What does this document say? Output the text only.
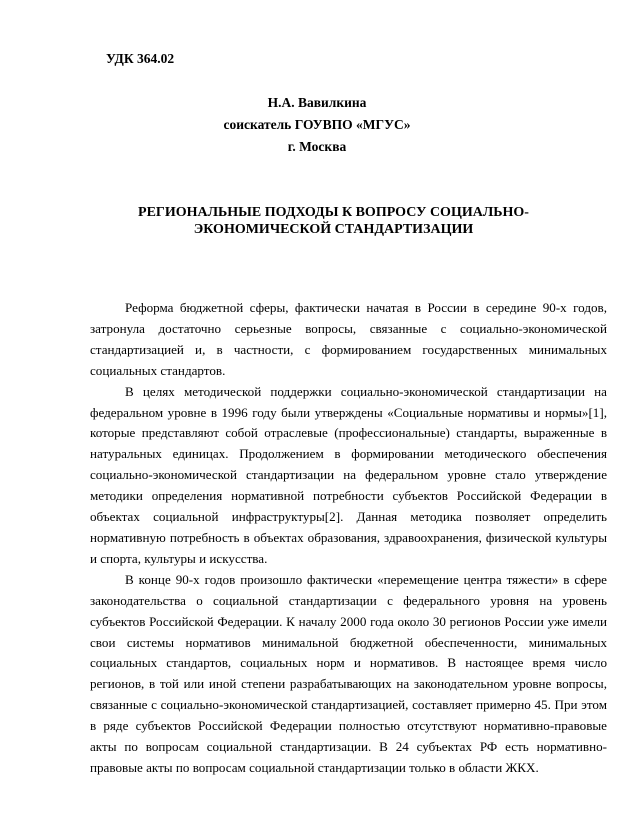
УДК 364.02
Н.А. Вавилкина
соискатель ГОУВПО «МГУС»
г. Москва
РЕГИОНАЛЬНЫЕ ПОДХОДЫ К ВОПРОСУ СОЦИАЛЬНО-ЭКОНОМИЧЕСКОЙ СТАНДАРТИЗАЦИИ

Реформа бюджетной сферы, фактически начатая в России в середине 90-х годов, затронула достаточно серьезные вопросы, связанные с социально-экономической стандартизацией и, в частности, с формированием государственных минимальных социальных стандартов.

В целях методической поддержки социально-экономической стандартизации на федеральном уровне в 1996 году были утверждены «Социальные нормативы и нормы»[1], которые представляют собой отраслевые (профессиональные) стандарты, выраженные в натуральных единицах. Продолжением в формировании методического обеспечения социально-экономической стандартизации на федеральном уровне стало утверждение методики определения нормативной потребности субъектов Российской Федерации в объектах социальной инфраструктуры[2]. Данная методика позволяет определить нормативную потребность в объектах образования, здравоохранения, физической культуры и спорта, культуры и искусства.

В конце 90-х годов произошло фактически «перемещение центра тяжести» в сфере законодательства о социальной стандартизации с федерального уровня на уровень субъектов Российской Федерации. К началу 2000 года около 30 регионов России уже имели свои системы нормативов минимальной бюджетной обеспеченности, минимальных социальных стандартов, социальных норм и нормативов. В настоящее время число регионов, в той или иной степени разрабатывающих на законодательном уровне вопросы, связанные с социально-экономической стандартизацией, составляет примерно 45. При этом в ряде субъектов Российской Федерации полностью отсутствуют нормативно-правовые акты по вопросам социальной стандартизации. В 24 субъектах РФ есть нормативно-правовые акты по вопросам социальной стандартизации только в области ЖКХ.
